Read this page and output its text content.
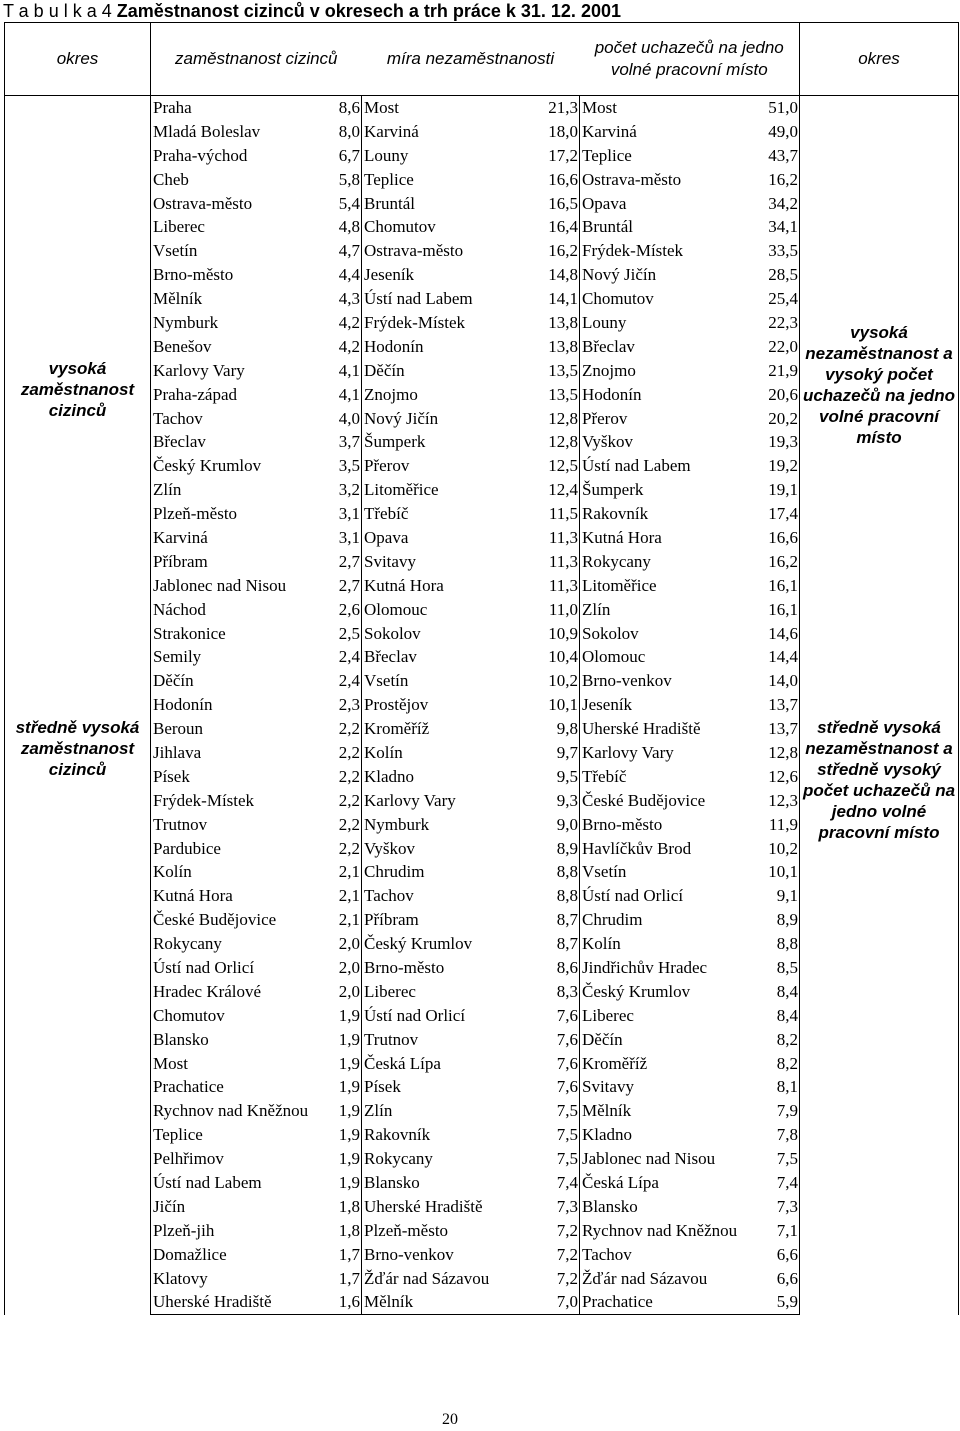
T a b u l k a 4 Zaměstnanost cizinců v okresech a trh práce k 31. 12. 2001
okres	zaměstnanost cizinců		míra nezaměstnanosti		počet uchazečů na jedno volné pracovní místo		okres
vysoká zaměstnanost cizinců	Praha	8,6	Most	21,3	Most	51,0	vysoká nezaměstnanost a vysoký počet uchazečů na jedno volné pracovní místo
	Mladá Boleslav	8,0	Karviná	18,0	Karviná	49,0	
	Praha-východ	6,7	Louny	17,2	Teplice	43,7	
	Cheb	5,8	Teplice	16,6	Ostrava-město	16,2	
	Ostrava-město	5,4	Bruntál	16,5	Opava	34,2	
	Liberec	4,8	Chomutov	16,4	Bruntál	34,1	
	Vsetín	4,7	Ostrava-město	16,2	Frýdek-Místek	33,5	
	Brno-město	4,4	Jeseník	14,8	Nový Jičín	28,5	
	Mělník	4,3	Ústí nad Labem	14,1	Chomutov	25,4	
	Nymburk	4,2	Frýdek-Místek	13,8	Louny	22,3	
	Benešov	4,2	Hodonín	13,8	Břeclav	22,0	
	Karlovy Vary	4,1	Děčín	13,5	Znojmo	21,9	
	Praha-západ	4,1	Znojmo	13,5	Hodonín	20,6	
	Tachov	4,0	Nový Jičín	12,8	Přerov	20,2	
	Břeclav	3,7	Šumperk	12,8	Vyškov	19,3	
	Český Krumlov	3,5	Přerov	12,5	Ústí nad Labem	19,2	
	Zlín	3,2	Litoměřice	12,4	Šumperk	19,1	
	Plzeň-město	3,1	Třebíč	11,5	Rakovník	17,4	
	Karviná	3,1	Opava	11,3	Kutná Hora	16,6	
	Příbram	2,7	Svitavy	11,3	Rokycany	16,2	
	Jablonec nad Nisou	2,7	Kutná Hora	11,3	Litoměřice	16,1	
	Náchod	2,6	Olomouc	11,0	Zlín	16,1	
	Strakonice	2,5	Sokolov	10,9	Sokolov	14,6	
	Semily	2,4	Břeclav	10,4	Olomouc	14,4	
	Děčín	2,4	Vsetín	10,2	Brno-venkov	14,0	
	Hodonín	2,3	Prostějov	10,1	Jeseník	13,7	
středně vysoká zaměstnanost cizinců	Beroun	2,2	Kroměříž	9,8	Uherské Hradiště	13,7	středně vysoká nezaměstnanost a středně vysoký počet uchazečů na jedno volné pracovní místo
	Jihlava	2,2	Kolín	9,7	Karlovy Vary	12,8	
	Písek	2,2	Kladno	9,5	Třebíč	12,6	
	Frýdek-Místek	2,2	Karlovy Vary	9,3	České Budějovice	12,3	
	Trutnov	2,2	Nymburk	9,0	Brno-město	11,9	
	Pardubice	2,2	Vyškov	8,9	Havlíčkův Brod	10,2	
	Kolín	2,1	Chrudim	8,8	Vsetín	10,1	
	Kutná Hora	2,1	Tachov	8,8	Ústí nad Orlicí	9,1	
	České Budějovice	2,1	Příbram	8,7	Chrudim	8,9	
	Rokycany	2,0	Český Krumlov	8,7	Kolín	8,8	
	Ústí nad Orlicí	2,0	Brno-město	8,6	Jindřichův Hradec	8,5	
	Hradec Králové	2,0	Liberec	8,3	Český Krumlov	8,4	
	Chomutov	1,9	Ústí nad Orlicí	7,6	Liberec	8,4	
	Blansko	1,9	Trutnov	7,6	Děčín	8,2	
	Most	1,9	Česká Lípa	7,6	Kroměříž	8,2	
	Prachatice	1,9	Písek	7,6	Svitavy	8,1	
	Rychnov nad Kněžnou	1,9	Zlín	7,5	Mělník	7,9	
	Teplice	1,9	Rakovník	7,5	Kladno	7,8	
	Pelhřimov	1,9	Rokycany	7,5	Jablonec nad Nisou	7,5	
	Ústí nad Labem	1,9	Blansko	7,4	Česká Lípa	7,4	
	Jičín	1,8	Uherské Hradiště	7,3	Blansko	7,3	
	Plzeň-jih	1,8	Plzeň-město	7,2	Rychnov nad Kněžnou	7,1	
	Domažlice	1,7	Brno-venkov	7,2	Tachov	6,6	
	Klatovy	1,7	Žďár nad Sázavou	7,2	Žďár nad Sázavou	6,6	
	Uherské Hradiště	1,6	Mělník	7,0	Prachatice	5,9	
20
